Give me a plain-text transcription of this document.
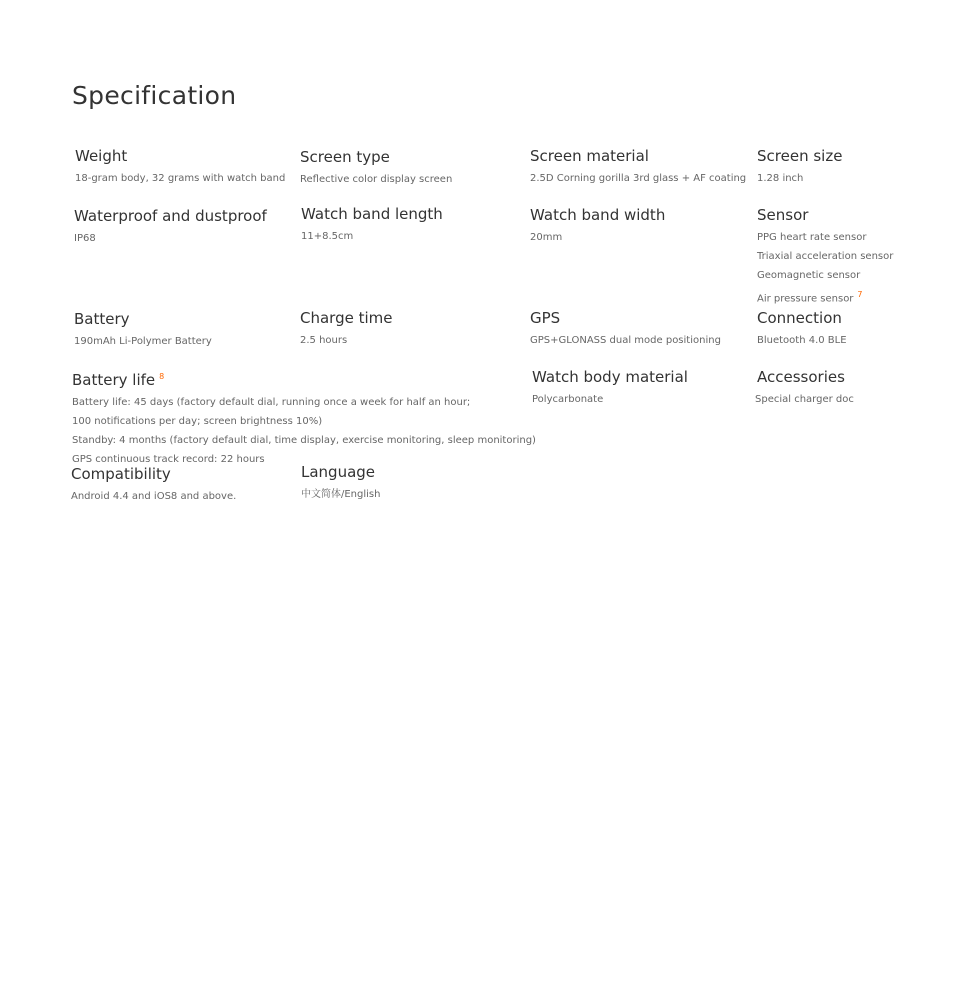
Specification
Weight
18-gram body, 32 grams with watch band
Screen type
Reflective color display screen
Screen material
2.5D Corning gorilla 3rd glass + AF coating
Screen size
1.28 inch
Waterproof and dustproof
IP68
Watch band length
11+8.5cm
Watch band width
20mm
Sensor
PPG heart rate sensor
Triaxial acceleration sensor
Geomagnetic sensor
Air pressure sensor $^7$
Battery
190mAh Li-Polymer Battery
Charge time
2.5 hours
GPS
GPS+GLONASS dual mode positioning
Connection
Bluetooth 4.0 BLE
Battery life $^8$
Battery life: 45 days (factory default dial, running once a week for half an hour;
100 notifications per day; screen brightness 10%)
Standby: 4 months (factory default dial, time display, exercise monitoring, sleep monitoring)
GPS continuous track record: 22 hours
Watch body material
Polycarbonate
Accessories
Special charger doc
Compatibility
Android 4.4 and iOS8 and above.
Language
中文简体/English
